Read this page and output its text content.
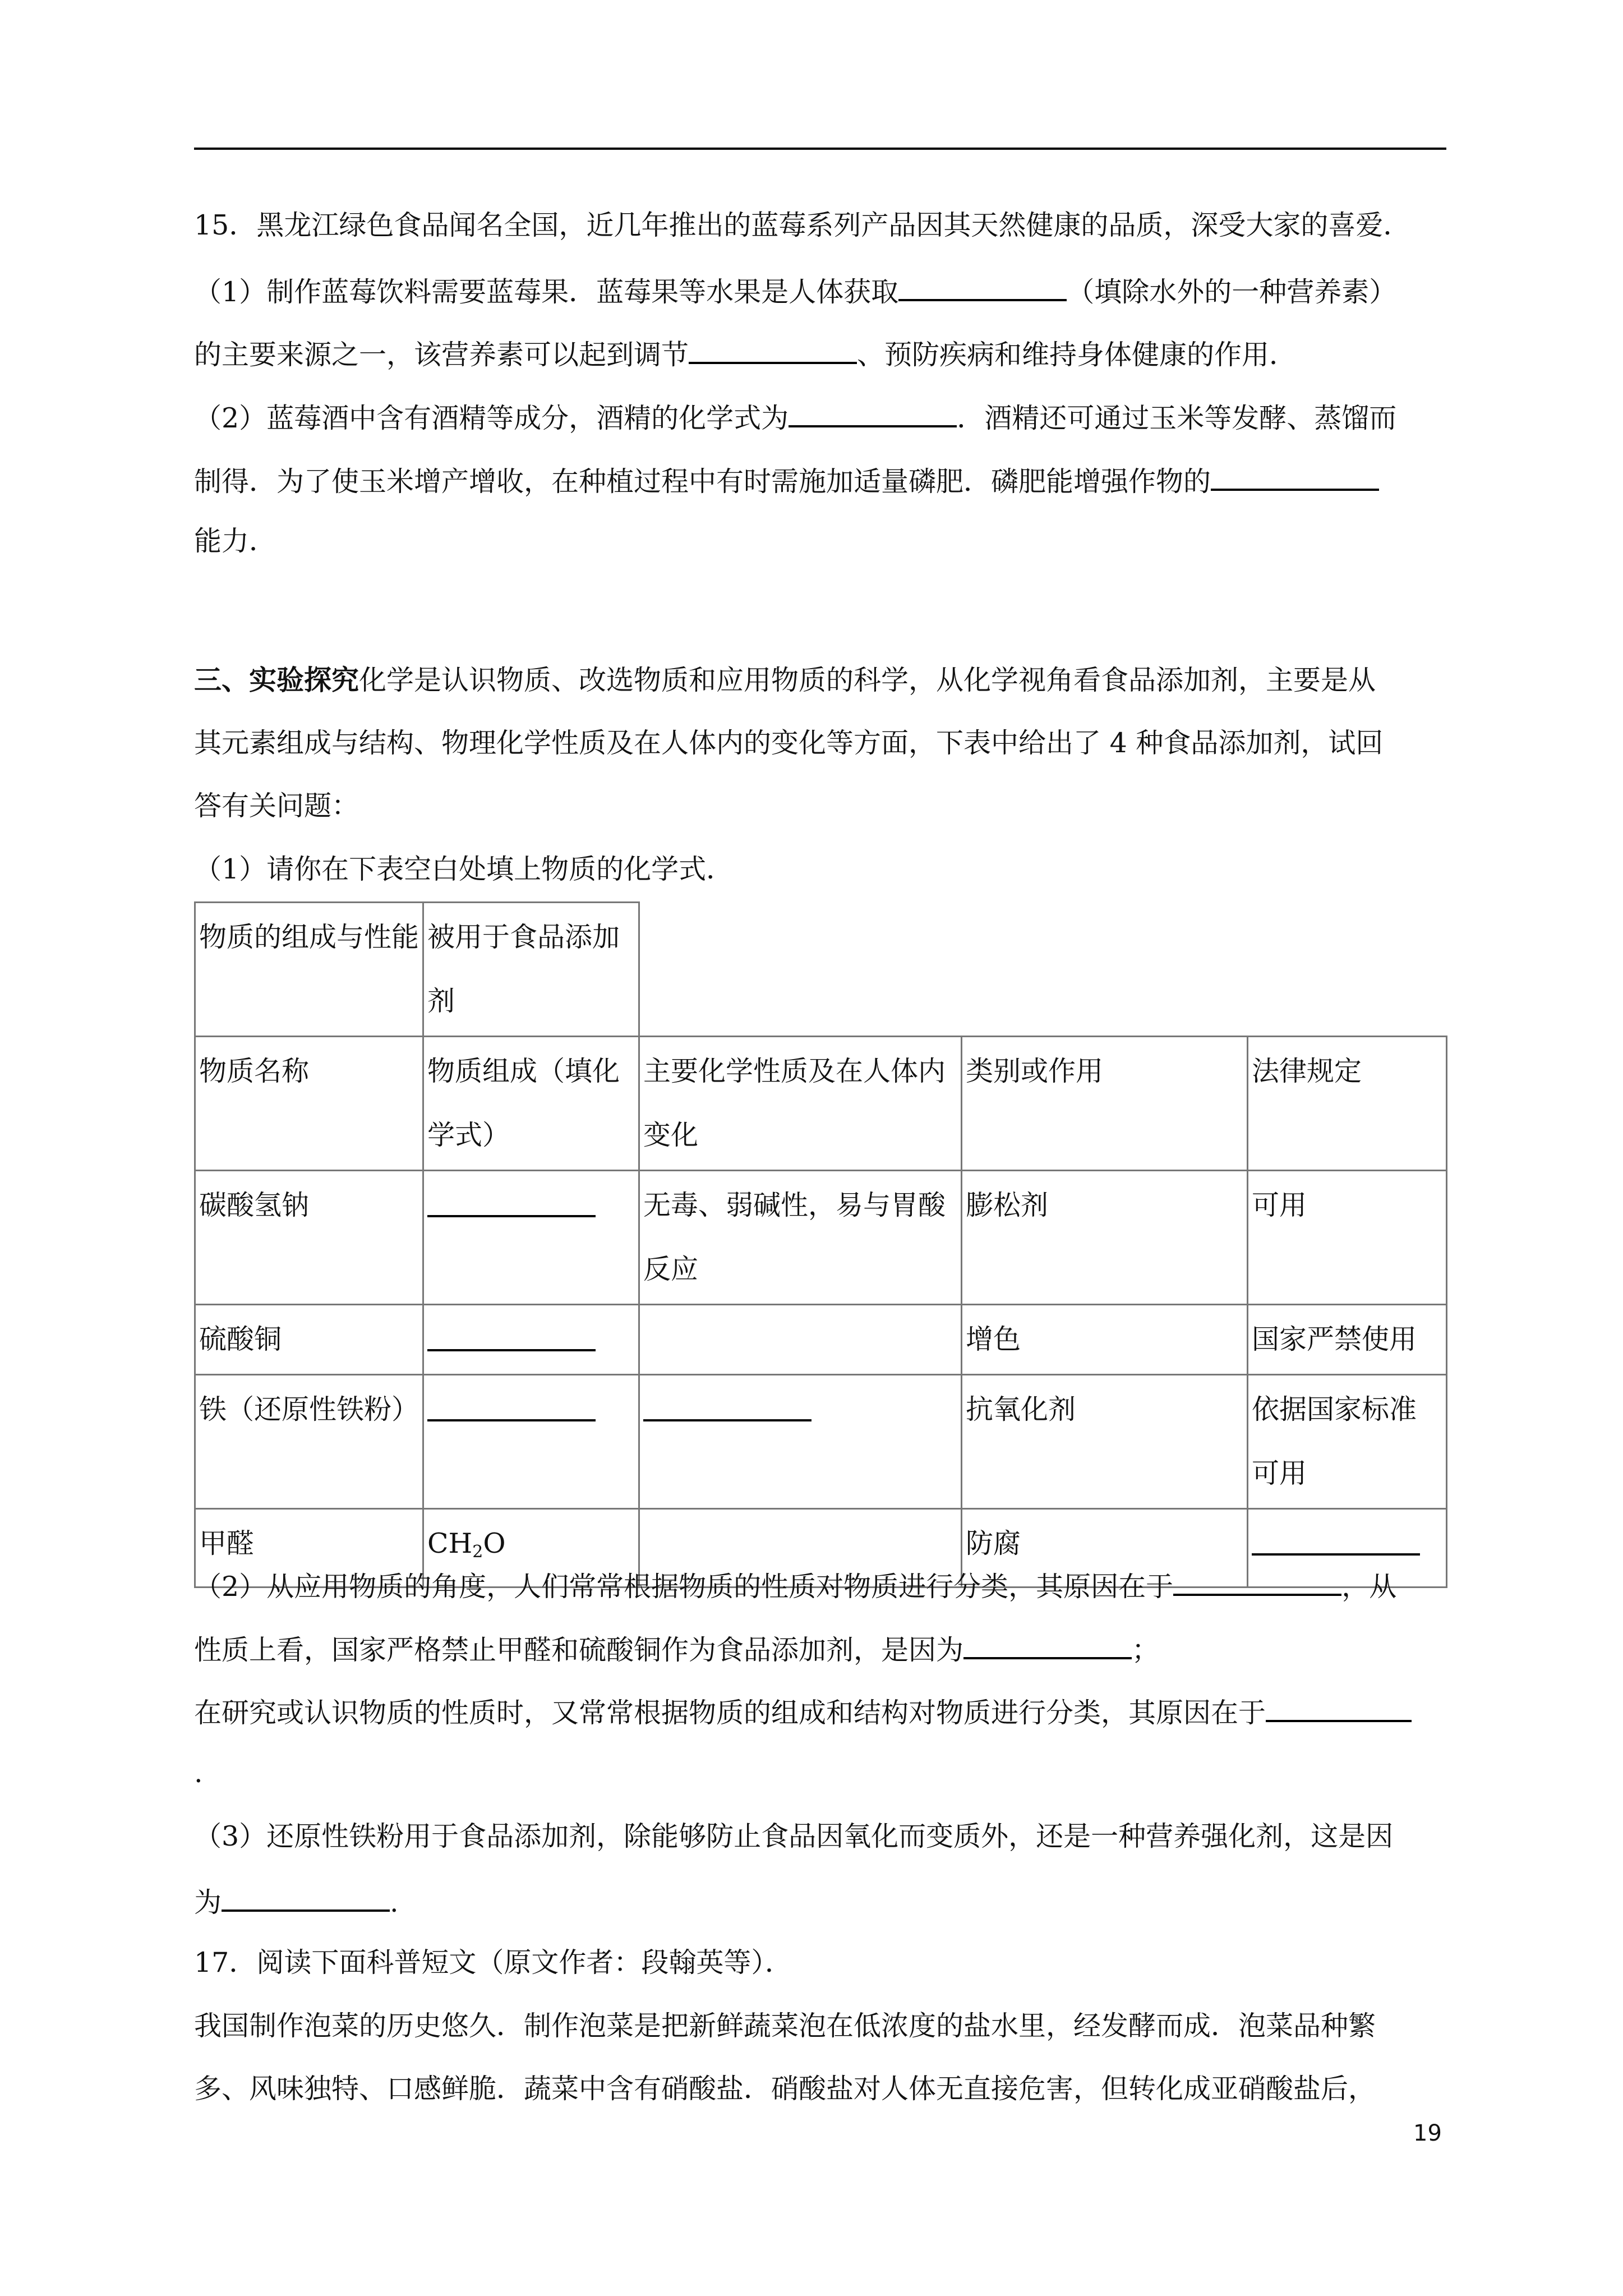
15．黑龙江绿色食品闻名全国，近几年推出的蓝莓系列产品因其天然健康的品质，深受大家的喜爱．
（1）制作蓝莓饮料需要蓝莓果．蓝莓果等水果是人体获取	（填除水外的一种营养素）
的主要来源之一，该营养素可以起到调节	、预防疾病和维持身体健康的作用．
（2）蓝莓酒中含有酒精等成分，酒精的化学式为	．酒精还可通过玉米等发酵、蒸馏而
制得．为了使玉米增产增收，在种植过程中有时需施加适量磷肥．磷肥能增强作物的
能力．
三、实验探究化学是认识物质、改选物质和应用物质的科学，从化学视角看食品添加剂，主要是从
其元素组成与结构、物理化学性质及在人体内的变化等方面，下表中给出了 4 种食品添加剂，试回
答有关问题：
（1）请你在下表空白处填上物质的化学式．
物质的组成与性能	被用于食品添加剂			
物质名称	物质组成（填化学式）	主要化学性质及在人体内变化	类别或作用	法律规定
碳酸氢钠		无毒、弱碱性，易与胃酸反应	膨松剂	可用
硫酸铜			增色	国家严禁使用
铁（还原性铁粉）			抗氧化剂	依据国家标准可用
甲醛	$CH_2O$		防腐	
（2）从应用物质的角度，人们常常根据物质的性质对物质进行分类，其原因在于	，从
性质上看，国家严格禁止甲醛和硫酸铜作为食品添加剂，是因为	；
在研究或认识物质的性质时，又常常根据物质的组成和结构对物质进行分类，其原因在于
.
（3）还原性铁粉用于食品添加剂，除能够防止食品因氧化而变质外，还是一种营养强化剂，这是因
为	.
17．阅读下面科普短文（原文作者：段翰英等）．
我国制作泡菜的历史悠久．制作泡菜是把新鲜蔬菜泡在低浓度的盐水里，经发酵而成．泡菜品种繁
多、风味独特、口感鲜脆．蔬菜中含有硝酸盐．硝酸盐对人体无直接危害，但转化成亚硝酸盐后，
19
